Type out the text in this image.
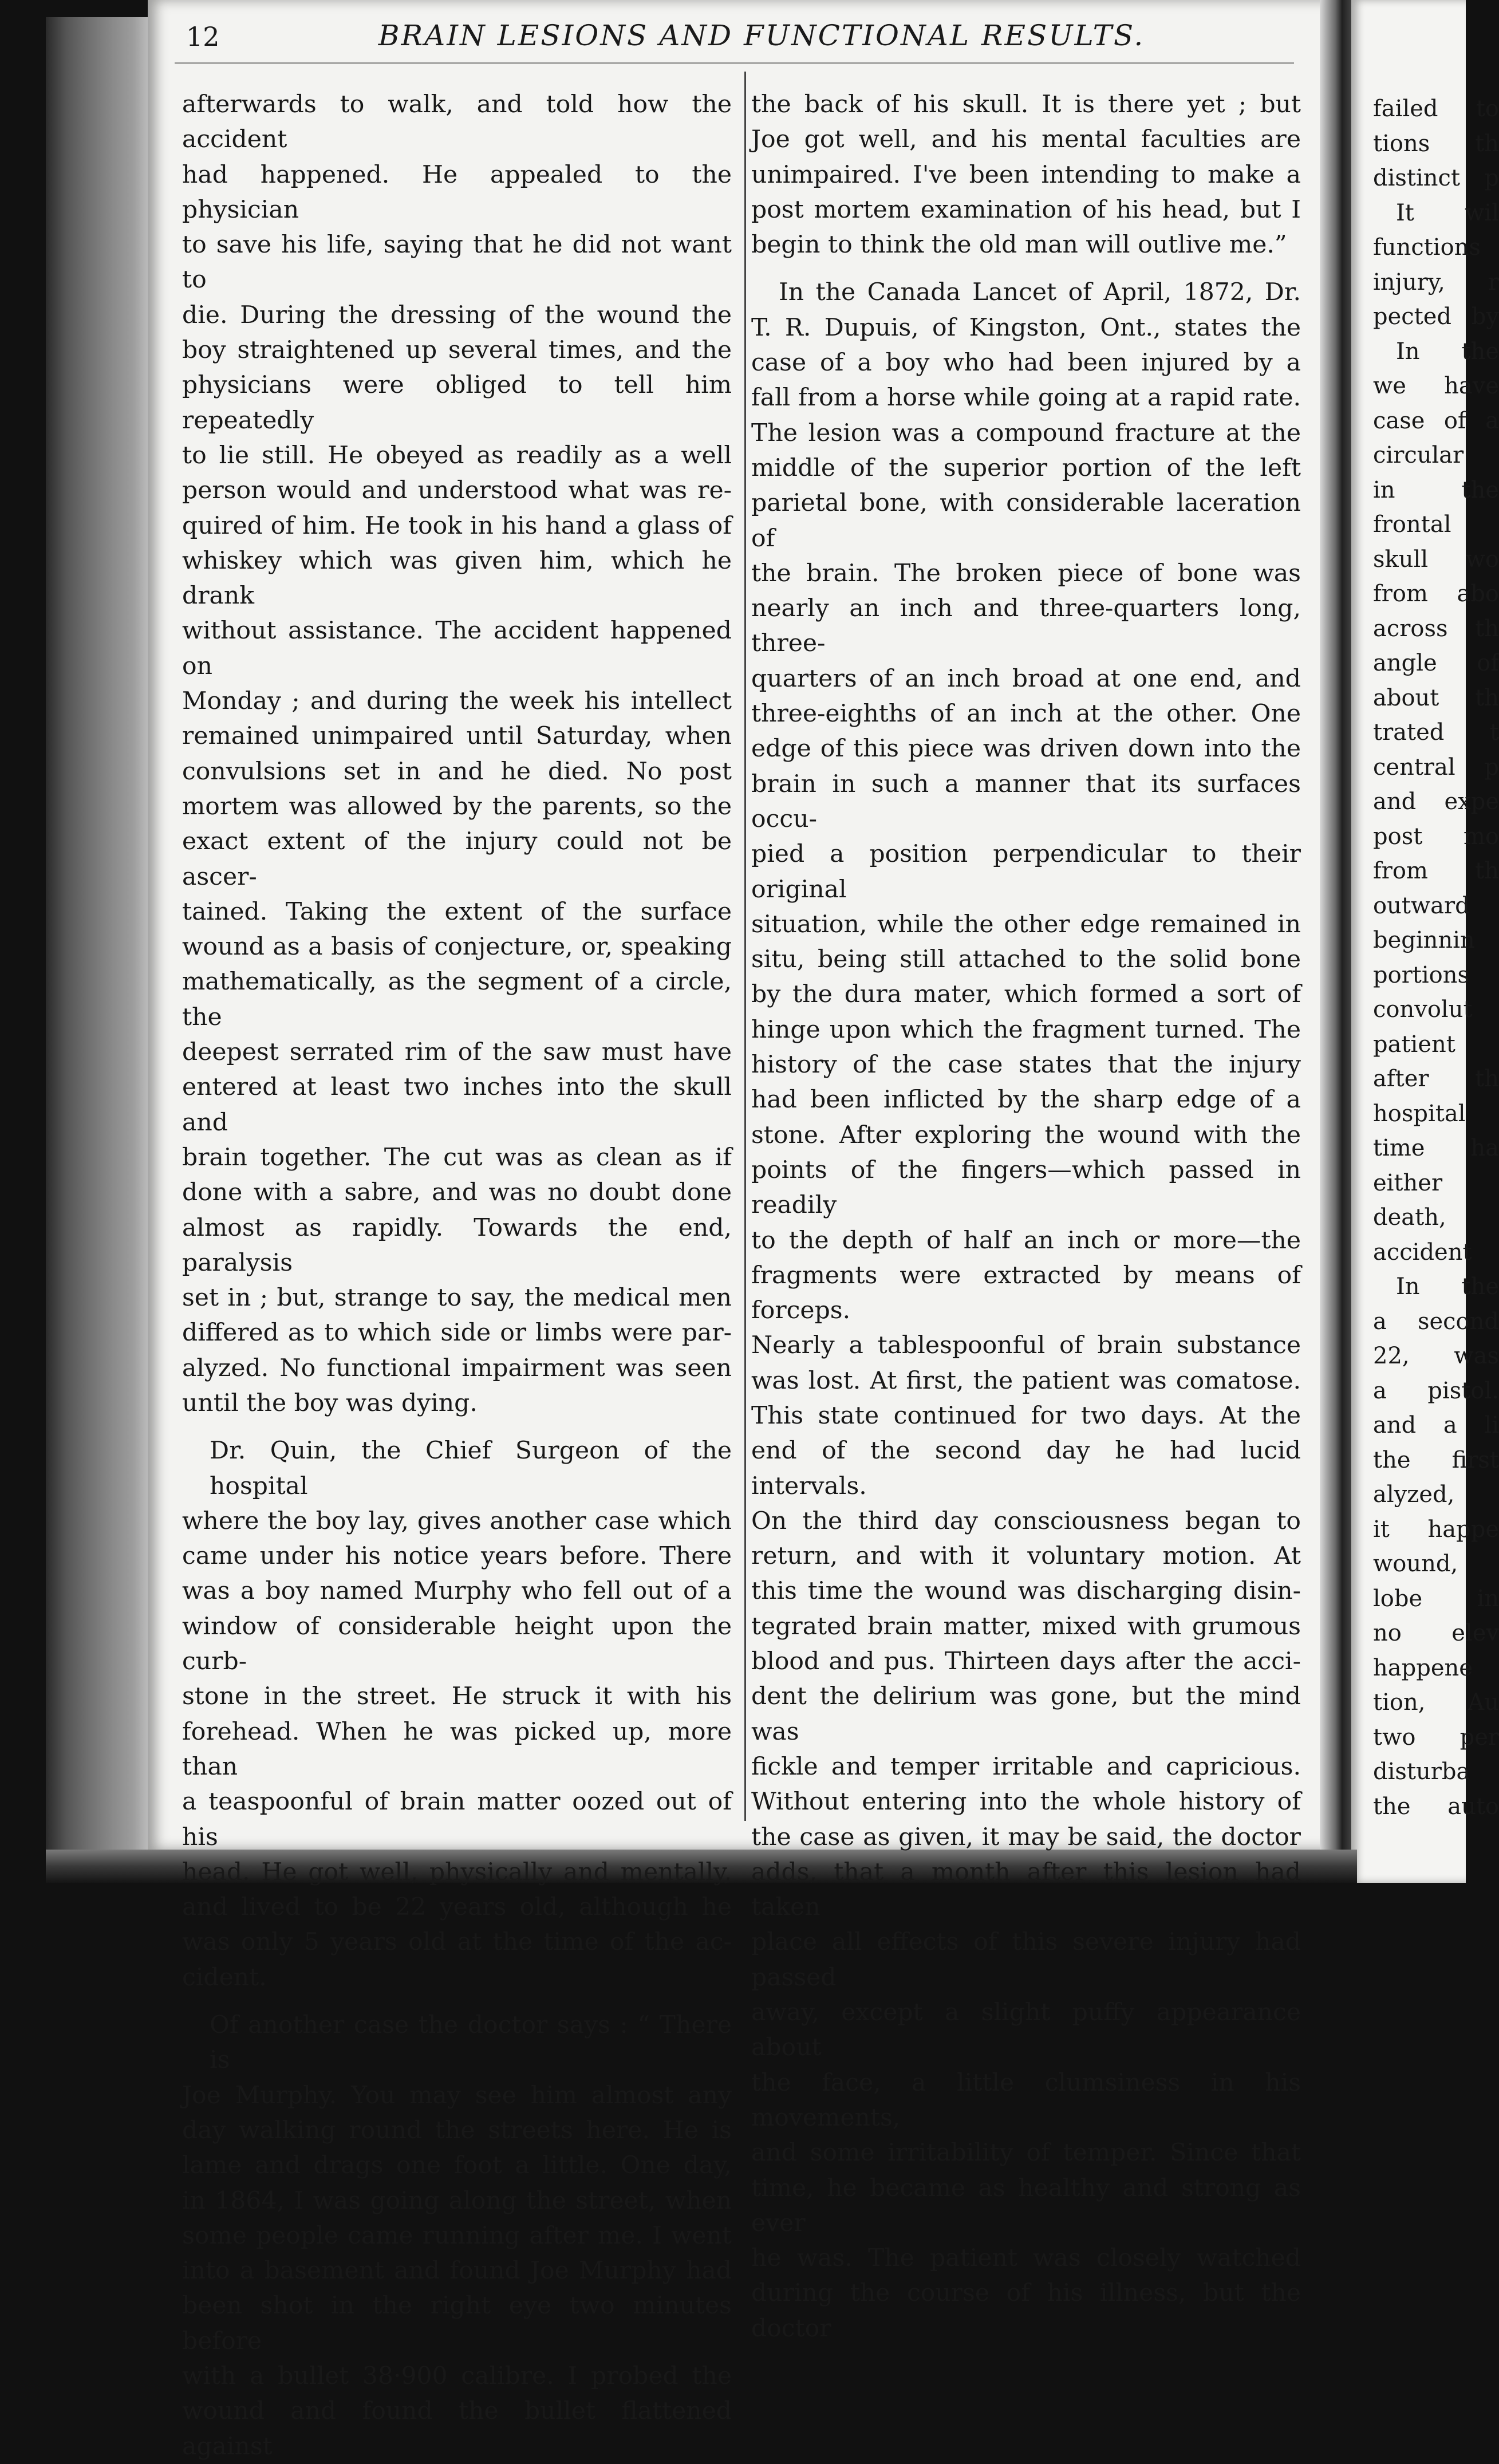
12	BRAIN LESIONS AND FUNCTIONAL RESULTS.

afterwards to walk, and told how the accident

had happened. He appealed to the physician

to save his life, saying that he did not want to

die. During the dressing of the wound the

boy straightened up several times, and the

physicians were obliged to tell him repeatedly

to lie still. He obeyed as readily as a well

person would and understood what was re-

quired of him. He took in his hand a glass of

whiskey which was given him, which he drank

without assistance. The accident happened on

Monday ; and during the week his intellect

remained unimpaired until Saturday, when

convulsions set in and he died. No post

mortem was allowed by the parents, so the

exact extent of the injury could not be ascer-

tained. Taking the extent of the surface

wound as a basis of conjecture, or, speaking

mathematically, as the segment of a circle, the

deepest serrated rim of the saw must have

entered at least two inches into the skull and

brain together. The cut was as clean as if

done with a sabre, and was no doubt done

almost as rapidly. Towards the end, paralysis

set in ; but, strange to say, the medical men

differed as to which side or limbs were par-

alyzed. No functional impairment was seen

until the boy was dying.

Dr. Quin, the Chief Surgeon of the hospital

where the boy lay, gives another case which

came under his notice years before. There

was a boy named Murphy who fell out of a

window of considerable height upon the curb-

stone in the street. He struck it with his

forehead. When he was picked up, more than

a teaspoonful of brain matter oozed out of his

head. He got well, physically and mentally,

and lived to be 22 years old, although he

was only 5 years old at the time of the ac-

cident.

Of another case the doctor says : “ There is

Joe Murphy. You may see him almost any

day walking round the streets here. He is

lame and drags one foot a little. One day,

in 1864, I was going along the street, when

some people came running after me. I went

into a basement and found Joe Murphy had

been shot in the right eye two minutes before

with a bullet 38·900 calibre. I probed the

wound and found the bullet flattened against

the back of his skull. It is there yet ; but

Joe got well, and his mental faculties are

unimpaired. I've been intending to make a

post mortem examination of his head, but I

begin to think the old man will outlive me.”

In the Canada Lancet of April, 1872, Dr.

T. R. Dupuis, of Kingston, Ont., states the

case of a boy who had been injured by a

fall from a horse while going at a rapid rate.

The lesion was a compound fracture at the

middle of the superior portion of the left

parietal bone, with considerable laceration of

the brain. The broken piece of bone was

nearly an inch and three-quarters long, three-

quarters of an inch broad at one end, and

three-eighths of an inch at the other. One

edge of this piece was driven down into the

brain in such a manner that its surfaces occu-

pied a position perpendicular to their original

situation, while the other edge remained in

situ, being still attached to the solid bone

by the dura mater, which formed a sort of

hinge upon which the fragment turned. The

history of the case states that the injury

had been inflicted by the sharp edge of a

stone. After exploring the wound with the

points of the fingers—which passed in readily

to the depth of half an inch or more—the

fragments were extracted by means of forceps.

Nearly a tablespoonful of brain substance

was lost. At first, the patient was comatose.

This state continued for two days. At the

end of the second day he had lucid intervals.

On the third day consciousness began to

return, and with it voluntary motion. At

this time the wound was discharging disin-

tegrated brain matter, mixed with grumous

blood and pus. Thirteen days after the acci-

dent the delirium was gone, but the mind was

fickle and temper irritable and capricious.

Without entering into the whole history of

the case as given, it may be said, the doctor

adds, that a month after this lesion had taken

place all effects of this severe injury had passed

away, except a slight puffy appearance about

the face, a little clumsiness in his movements,

and some irritability of temper. Since that

time, he became as healthy and strong as ever

he was. The patient was closely watched

during the course of his illness, but the doctor

failed to

tions th

distinct p

It wil

functions

injury, r

pected by

In the

we have

case of a

circular

in the

frontal

skull wo

from abo

across th

angle of

about th

trated t

central p

and expe

post mo

from th

outward

beginnin

portions

convolut

patient

after th

hospital

time ha

either

death,

accident

In the

a second

22, was

a pistol.

and a li

the first

alyzed,

it happe

wound,

lobe in

no elev

happene

tion, Au

two per

disturba

the auto
